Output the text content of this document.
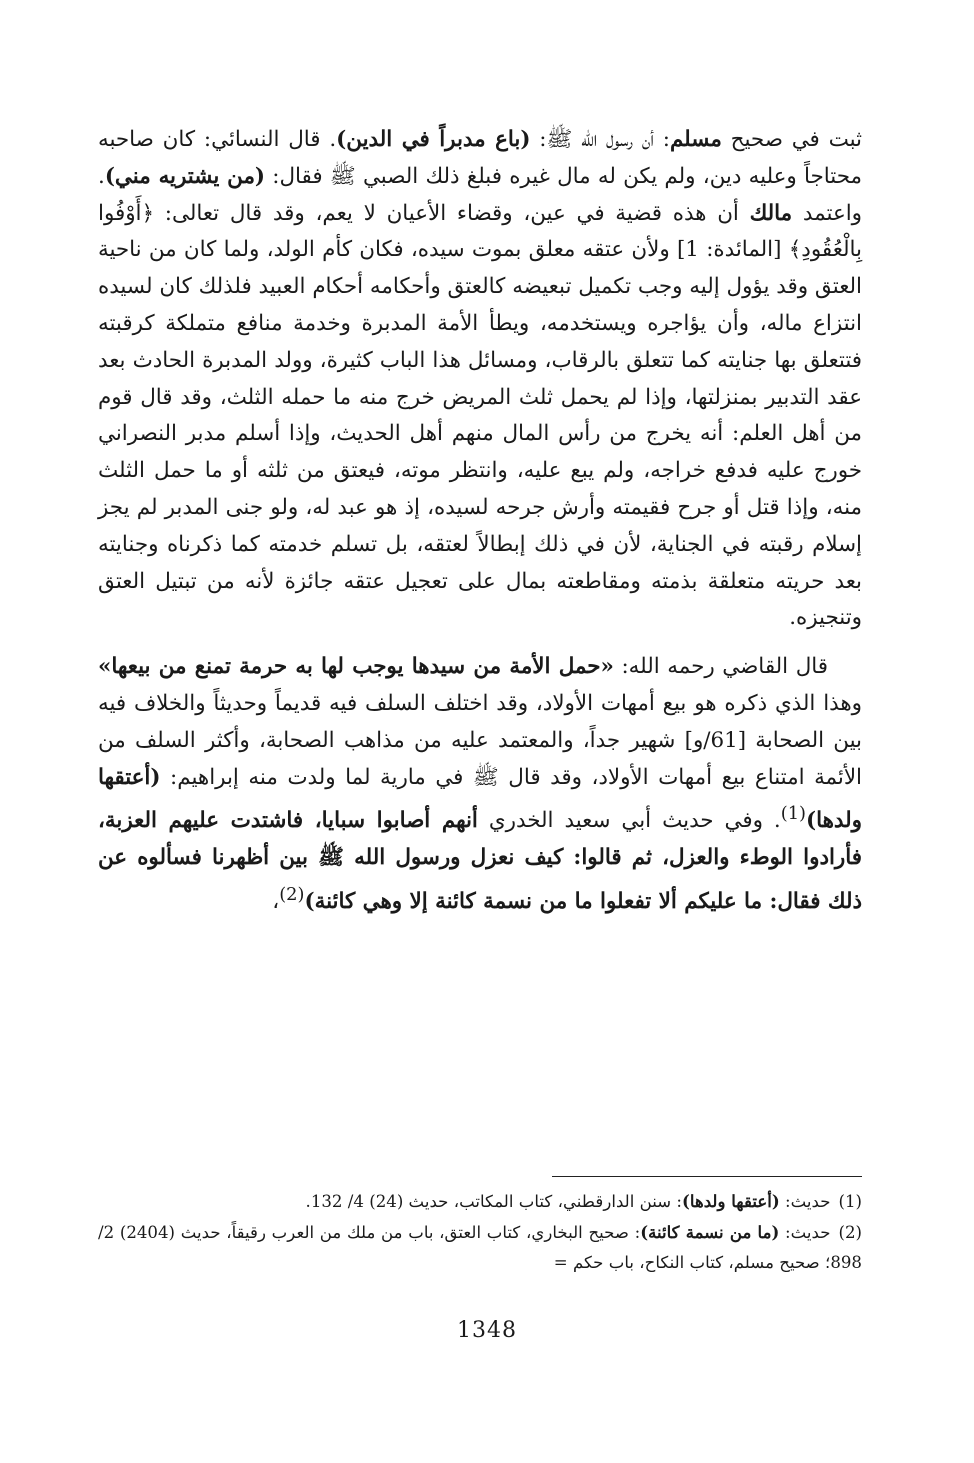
ثبت في صحيح مسلم: أن رسول الله ﷺ: (باع مدبراً في الدين). قال النسائي: كان صاحبه محتاجاً وعليه دين، ولم يكن له مال غيره فبلغ ذلك الصبي ﷺ فقال: (من يشتريه مني). واعتمد مالك أن هذه قضية في عين، وقضاء الأعيان لا يعم، وقد قال تعالى: ﴿أَوْفُوا بِالْعُقُودِ﴾ [المائدة: 1] ولأن عتقه معلق بموت سيده، فكان كأم الولد، ولما كان من ناحية العتق وقد يؤول إليه وجب تكميل تبعيضه كالعتق وأحكامه أحكام العبيد فلذلك كان لسيده انتزاع ماله، وأن يؤاجره ويستخدمه، ويطأ الأمة المدبرة وخدمة منافع متملكة كرقبته فتتعلق بها جنايته كما تتعلق بالرقاب، ومسائل هذا الباب كثيرة، وولد المدبرة الحادث بعد عقد التدبير بمنزلتها، وإذا لم يحمل ثلث المريض خرج منه ما حمله الثلث، وقد قال قوم من أهل العلم: أنه يخرج من رأس المال منهم أهل الحديث، وإذا أسلم مدبر النصراني خورج عليه فدفع خراجه، ولم يبع عليه، وانتظر موته، فيعتق من ثلثه أو ما حمل الثلث منه، وإذا قتل أو جرح فقيمته وأرش جرحه لسيده، إذ هو عبد له، ولو جنى المدبر لم يجز إسلام رقبته في الجناية، لأن في ذلك إبطالاً لعتقه، بل تسلم خدمته كما ذكرناه وجنايته بعد حريته متعلقة بذمته ومقاطعته بمال على تعجيل عتقه جائزة لأنه من تبتيل العتق وتنجيزه.

قال القاضي رحمه الله: «حمل الأمة من سيدها يوجب لها به حرمة تمنع من بيعها» وهذا الذي ذكره هو بيع أمهات الأولاد، وقد اختلف السلف فيه قديماً وحديثاً والخلاف فيه بين الصحابة [61/و] شهير جداً، والمعتمد عليه من مذاهب الصحابة، وأكثر السلف من الأئمة امتناع بيع أمهات الأولاد، وقد قال ﷺ في مارية لما ولدت منه إبراهيم: (أعتقها ولدها)$^{(1)}$. وفي حديث أبي سعيد الخدري أنهم أصابوا سبايا، فاشتدت عليهم العزبة، فأرادوا الوطء والعزل، ثم قالوا: كيف نعزل ورسول الله ﷺ بين أظهرنا فسألوه عن ذلك فقال: ما عليكم ألا تفعلوا ما من نسمة كائنة إلا وهي كائنة)$^{(2)}$،

(1)حديث: (أعتقها ولدها): سنن الدارقطني، كتاب المكاتب، حديث (24) 4/ 132.

(2)حديث: (ما من نسمة كائنة): صحيح البخاري، كتاب العتق، باب من ملك من العرب رقيقاً، حديث (2404) 2/ 898؛ صحيح مسلم، كتاب النكاح، باب حكم =

1348
